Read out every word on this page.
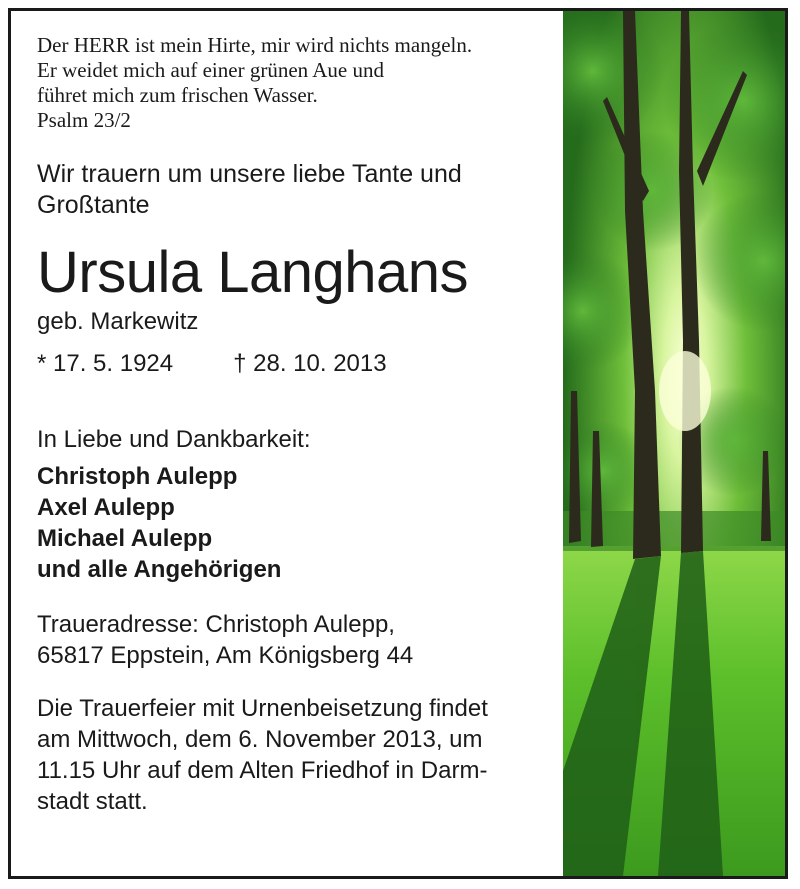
Der HERR ist mein Hirte, mir wird nichts mangeln.
Er weidet mich auf einer grünen Aue und
führet mich zum frischen Wasser.
Psalm 23/2
Wir trauern um unsere liebe Tante und
Großtante
Ursula Langhans
geb. Markewitz
* 17. 5. 1924	† 28. 10. 2013
In Liebe und Dankbarkeit:
Christoph Aulepp
Axel Aulepp
Michael Aulepp
und alle Angehörigen
Traueradresse: Christoph Aulepp,
65817 Eppstein, Am Königsberg 44
Die Trauerfeier mit Urnenbeisetzung findet
am Mittwoch, dem 6. November 2013, um
11.15 Uhr auf dem Alten Friedhof in Darm-
stadt statt.
